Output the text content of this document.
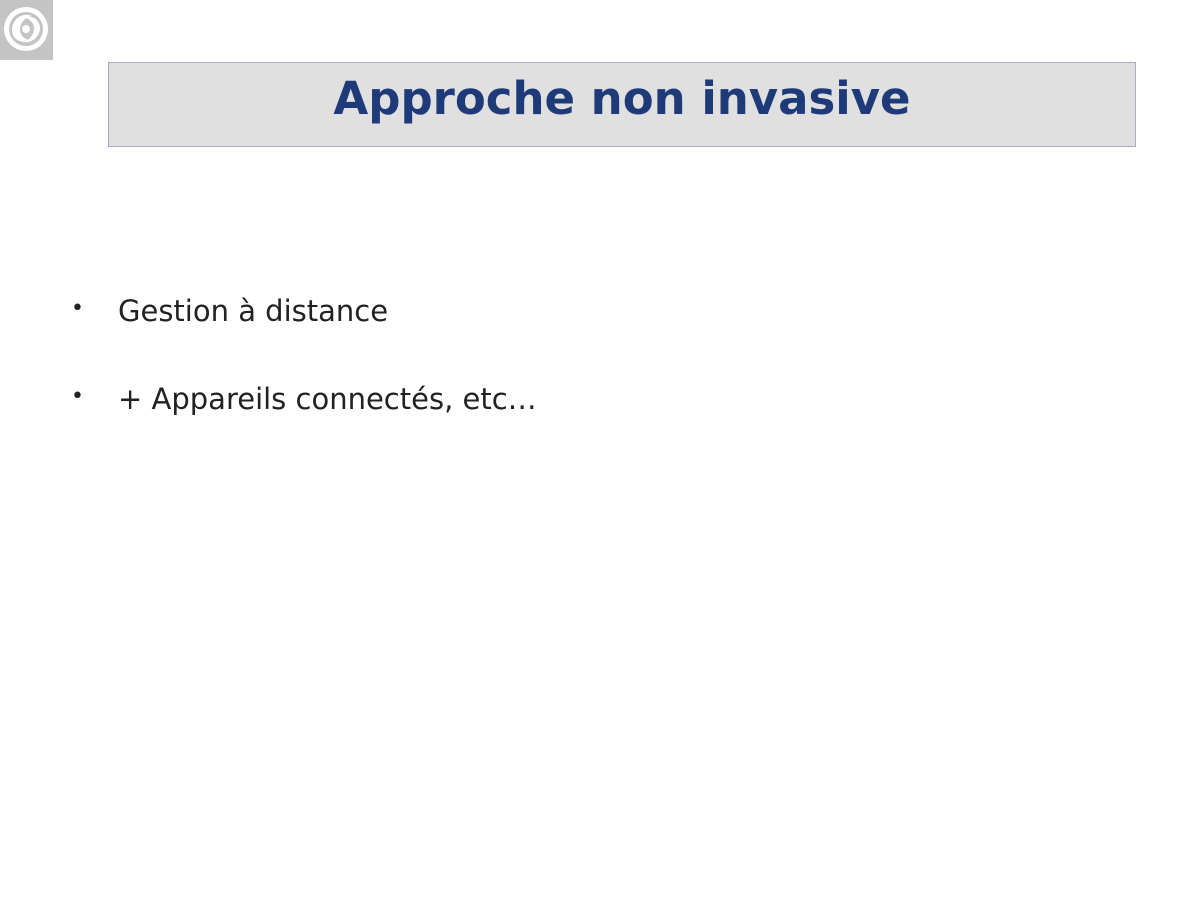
Approche non invasive
• Gestion à distance
• + Appareils connectés, etc…
